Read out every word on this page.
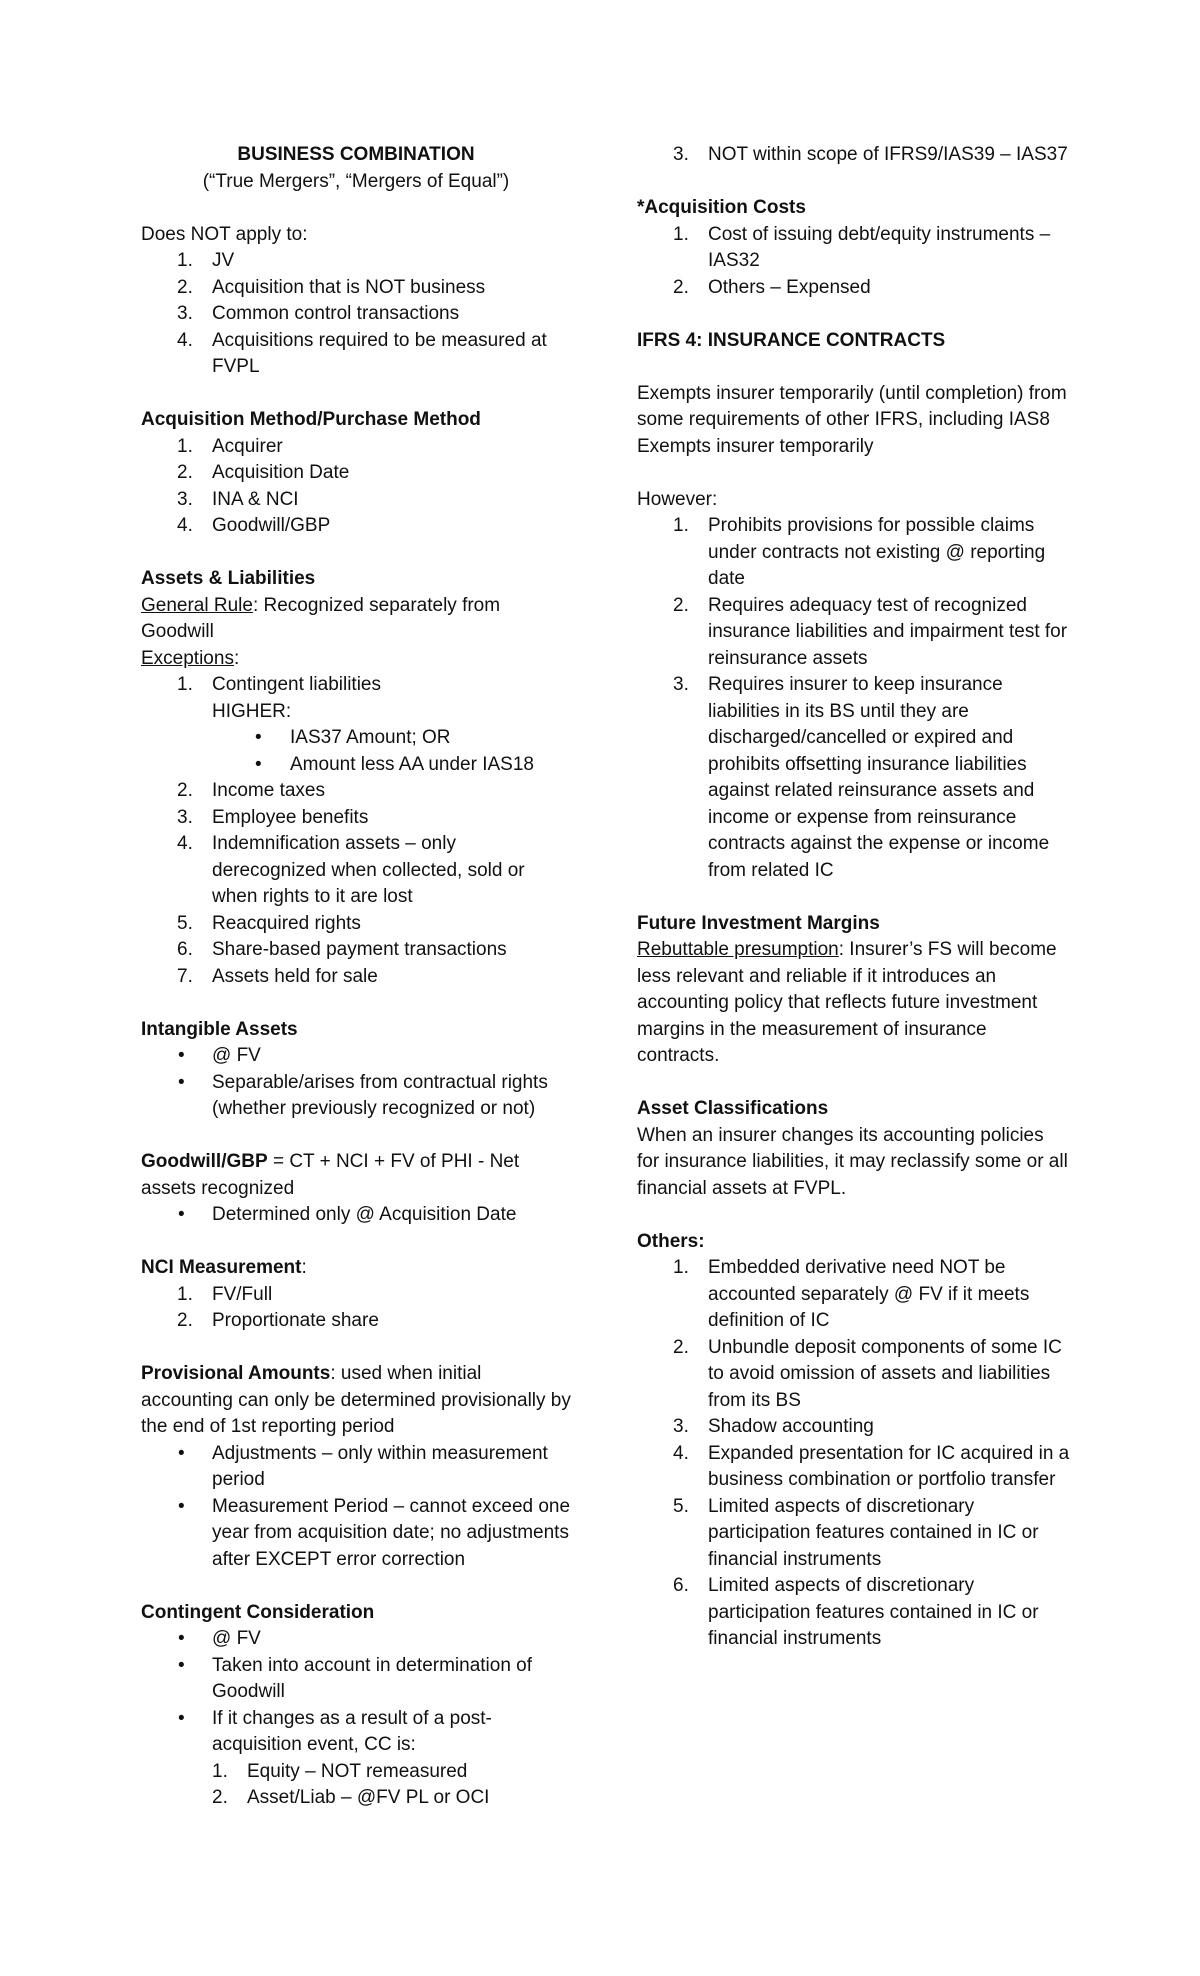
BUSINESS COMBINATION

(“True Mergers”, “Mergers of Equal”)

Does NOT apply to:

1. JV
2. Acquisition that is NOT business
3. Common control transactions
4. Acquisitions required to be measured at FVPL

Acquisition Method/Purchase Method

1. Acquirer
2. Acquisition Date
3. INA & NCI
4. Goodwill/GBP

Assets & Liabilities

General Rule: Recognized separately from Goodwill

Exceptions:

1. Contingent liabilities

HIGHER:

• IAS37 Amount; OR
• Amount less AA under IAS18
2. Income taxes
3. Employee benefits
4. Indemnification assets – only derecognized when collected, sold or when rights to it are lost
5. Reacquired rights
6. Share-based payment transactions
7. Assets held for sale

Intangible Assets

• @ FV
• Separable/arises from contractual rights (whether previously recognized or not)

Goodwill/GBP = CT + NCI + FV of PHI - Net assets recognized

• Determined only @ Acquisition Date

NCI Measurement:

1. FV/Full
2. Proportionate share

Provisional Amounts: used when initial accounting can only be determined provisionally by the end of 1st reporting period

• Adjustments – only within measurement period
• Measurement Period – cannot exceed one year from acquisition date; no adjustments after EXCEPT error correction

Contingent Consideration

• @ FV
• Taken into account in determination of Goodwill
• If it changes as a result of a post-acquisition event, CC is:
1. Equity – NOT remeasured
2. Asset/Liab – @FV PL or OCI

3. NOT within scope of IFRS9/IAS39 – IAS37

*Acquisition Costs

1. Cost of issuing debt/equity instruments – IAS32
2. Others – Expensed

IFRS 4: INSURANCE CONTRACTS

Exempts insurer temporarily (until completion) from some requirements of other IFRS, including IAS8

Exempts insurer temporarily

However:

1. Prohibits provisions for possible claims under contracts not existing @ reporting date
2. Requires adequacy test of recognized insurance liabilities and impairment test for reinsurance assets
3. Requires insurer to keep insurance liabilities in its BS until they are discharged/cancelled or expired and prohibits offsetting insurance liabilities against related reinsurance assets and income or expense from reinsurance contracts against the expense or income from related IC

Future Investment Margins

Rebuttable presumption: Insurer’s FS will become less relevant and reliable if it introduces an accounting policy that reflects future investment margins in the measurement of insurance contracts.

Asset Classifications

When an insurer changes its accounting policies for insurance liabilities, it may reclassify some or all financial assets at FVPL.

Others:

1. Embedded derivative need NOT be accounted separately @ FV if it meets definition of IC
2. Unbundle deposit components of some IC to avoid omission of assets and liabilities from its BS
3. Shadow accounting
4. Expanded presentation for IC acquired in a business combination or portfolio transfer
5. Limited aspects of discretionary participation features contained in IC or financial instruments
6. Limited aspects of discretionary participation features contained in IC or financial instruments
